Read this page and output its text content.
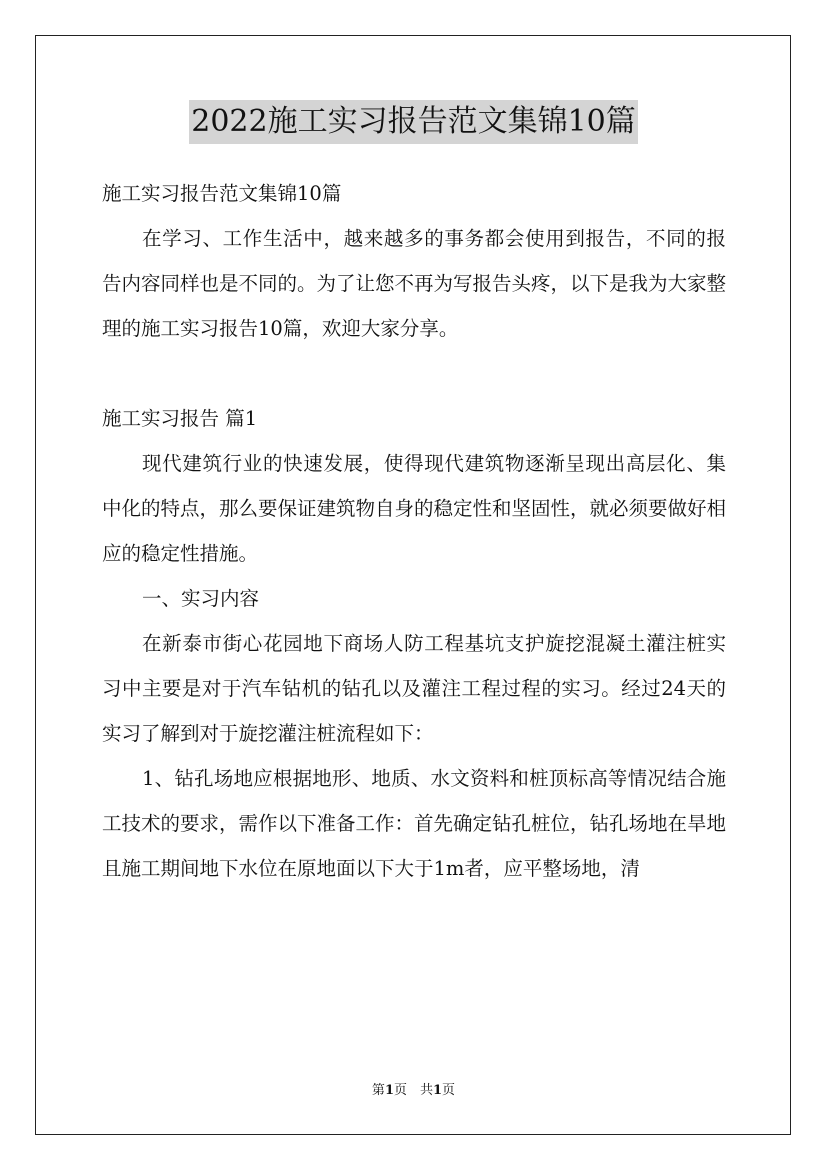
2022施工实习报告范文集锦10篇

施工实习报告范文集锦10篇

在学习、工作生活中，越来越多的事务都会使用到报告，不同的报告内容同样也是不同的。为了让您不再为写报告头疼，以下是我为大家整理的施工实习报告10篇，欢迎大家分享。

施工实习报告 篇1

现代建筑行业的快速发展，使得现代建筑物逐渐呈现出高层化、集中化的特点，那么要保证建筑物自身的稳定性和坚固性，就必须要做好相应的稳定性措施。

一、实习内容

在新泰市街心花园地下商场人防工程基坑支护旋挖混凝土灌注桩实习中主要是对于汽车钻机的钻孔以及灌注工程过程的实习。经过24天的实习了解到对于旋挖灌注桩流程如下：

1、钻孔场地应根据地形、地质、水文资料和桩顶标高等情况结合施工技术的要求，需作以下准备工作：首先确定钻孔桩位，钻孔场地在旱地且施工期间地下水位在原地面以下大于1m者，应平整场地，清

第1页　共1页
